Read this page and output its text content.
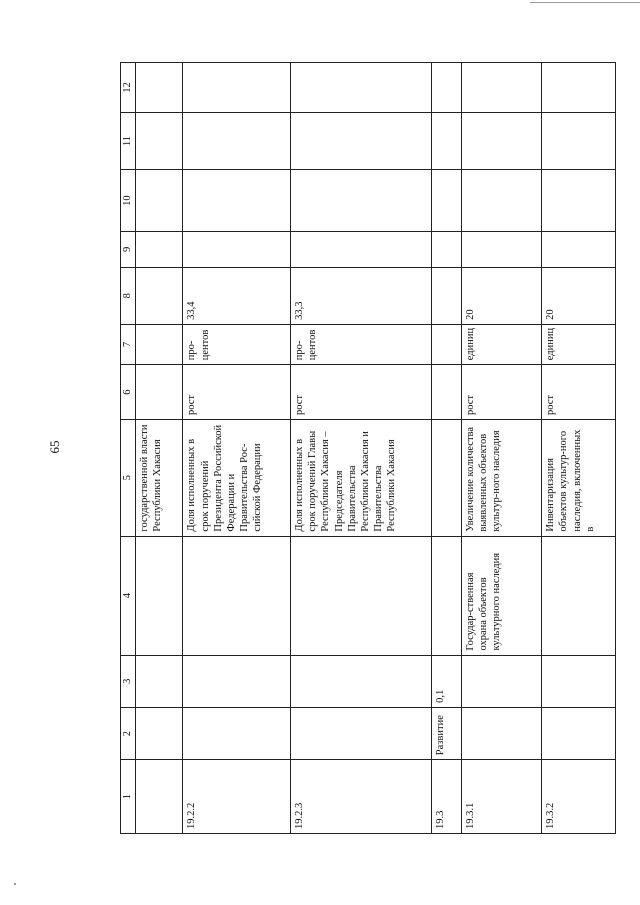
65
1	2	3	4	5	6	7	8	9	10	11	12
				государственной власти Республики Хакасия							
19.2.2				Доля исполненных в срок поручений Президента Российской Федерации и Правительства Рос-сийской Федерации	рост	про-центов	33,4				
19.2.3				Доля исполненных в срок поручений Главы Республики Хакасия – Председателя Правительства Республики Хакасия и Правительства Республики Хакасия	рост	про-центов	33,3				
19.3	Развитие	0,1									
19.3.1			Государ-ственная охрана объектов культурного наследия	Увеличение количества выявленных объектов культур-ного наследия	рост	единиц	20				
19.3.2				Инвентаризация объектов культур-ного наследия, включенных в	рост	единиц	20				
